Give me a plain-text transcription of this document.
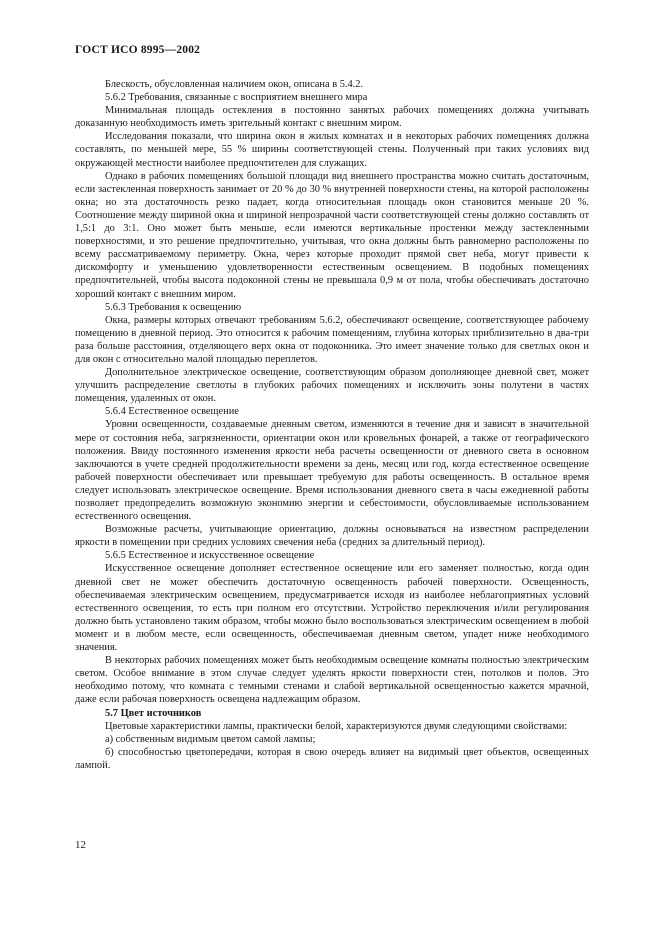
ГОСТ ИСО 8995—2002

Блескость, обусловленная наличием окон, описана в 5.4.2.

5.6.2 Требования, связанные с восприятием внешнего мира

Минимальная площадь остекления в постоянно занятых рабочих помещениях должна учитывать доказанную необходимость иметь зрительный контакт с внешним миром.

Исследования показали, что ширина окон в жилых комнатах и в некоторых рабочих помещениях должна составлять, по меньшей мере, 55 % ширины соответствующей стены. Полученный при таких условиях вид окружающей местности наиболее предпочтителен для служащих.

Однако в рабочих помещениях большой площади вид внешнего пространства можно считать достаточным, если застекленная поверхность занимает от 20 % до 30 % внутренней поверхности стены, на которой расположены окна; но эта достаточность резко падает, когда относительная площадь окон становится меньше 20 %. Соотношение между шириной окна и шириной непрозрачной части соответствующей стены должно составлять от 1,5:1 до 3:1. Оно может быть меньше, если имеются вертикальные простенки между застекленными поверхностями, и это решение предпочтительно, учитывая, что окна должны быть равномерно расположены по всему рассматриваемому периметру. Окна, через которые проходит прямой свет неба, могут привести к дискомфорту и уменьшению удовлетворенности естественным освещением. В подобных помещениях предпочтительней, чтобы высота подоконной стены не превышала 0,9 м от пола, чтобы обеспечивать достаточно хороший контакт с внешним миром.

5.6.3 Требования к освещению

Окна, размеры которых отвечают требованиям 5.6.2, обеспечивают освещение, соответствующее рабочему помещению в дневной период. Это относится к рабочим помещениям, глубина которых приблизительно в два-три раза больше расстояния, отделяющего верх окна от подоконника. Это имеет значение только для светлых окон и для окон с относительно малой площадью переплетов.

Дополнительное электрическое освещение, соответствующим образом дополняющее дневной свет, может улучшить распределение светлоты в глубоких рабочих помещениях и исключить зоны полутени в частях помещения, удаленных от окон.

5.6.4 Естественное освещение

Уровни освещенности, создаваемые дневным светом, изменяются в течение дня и зависят в значительной мере от состояния неба, загрязненности, ориентации окон или кровельных фонарей, а также от географического положения. Ввиду постоянного изменения яркости неба расчеты освещенности от дневного света в основном заключаются в учете средней продолжительности времени за день, месяц или год, когда естественное освещение рабочей поверхности обеспечивает или превышает требуемую для работы освещенность. В остальное время следует использовать электрическое освещение. Время использования дневного света в часы ежедневной работы позволяет предопределить возможную экономию энергии и себестоимости, обусловливаемые использованием естественного освещения.

Возможные расчеты, учитывающие ориентацию, должны основываться на известном распределении яркости в помещении при средних условиях свечения неба (средних за длительный период).

5.6.5 Естественное и искусственное освещение

Искусственное освещение дополняет естественное освещение или его заменяет полностью, когда один дневной свет не может обеспечить достаточную освещенность рабочей поверхности. Освещенность, обеспечиваемая электрическим освещением, предусматривается исходя из наиболее неблагоприятных условий естественного освещения, то есть при полном его отсутствии. Устройство переключения и/или регулирования должно быть установлено таким образом, чтобы можно было воспользоваться электрическим освещением в любой момент и в любом месте, если освещенность, обеспечиваемая дневным светом, упадет ниже необходимого значения.

В некоторых рабочих помещениях может быть необходимым освещение комнаты полностью электрическим светом. Особое внимание в этом случае следует уделять яркости поверхности стен, потолков и полов. Это необходимо потому, что комната с темными стенами и слабой вертикальной освещенностью кажется мрачной, даже если рабочая поверхность освещена надлежащим образом.

5.7 Цвет источников

Цветовые характеристики лампы, практически белой, характеризуются двумя следующими свойствами:

а) собственным видимым цветом самой лампы;

б) способностью цветопередачи, которая в свою очередь влияет на видимый цвет объектов, освещенных лампой.

12
